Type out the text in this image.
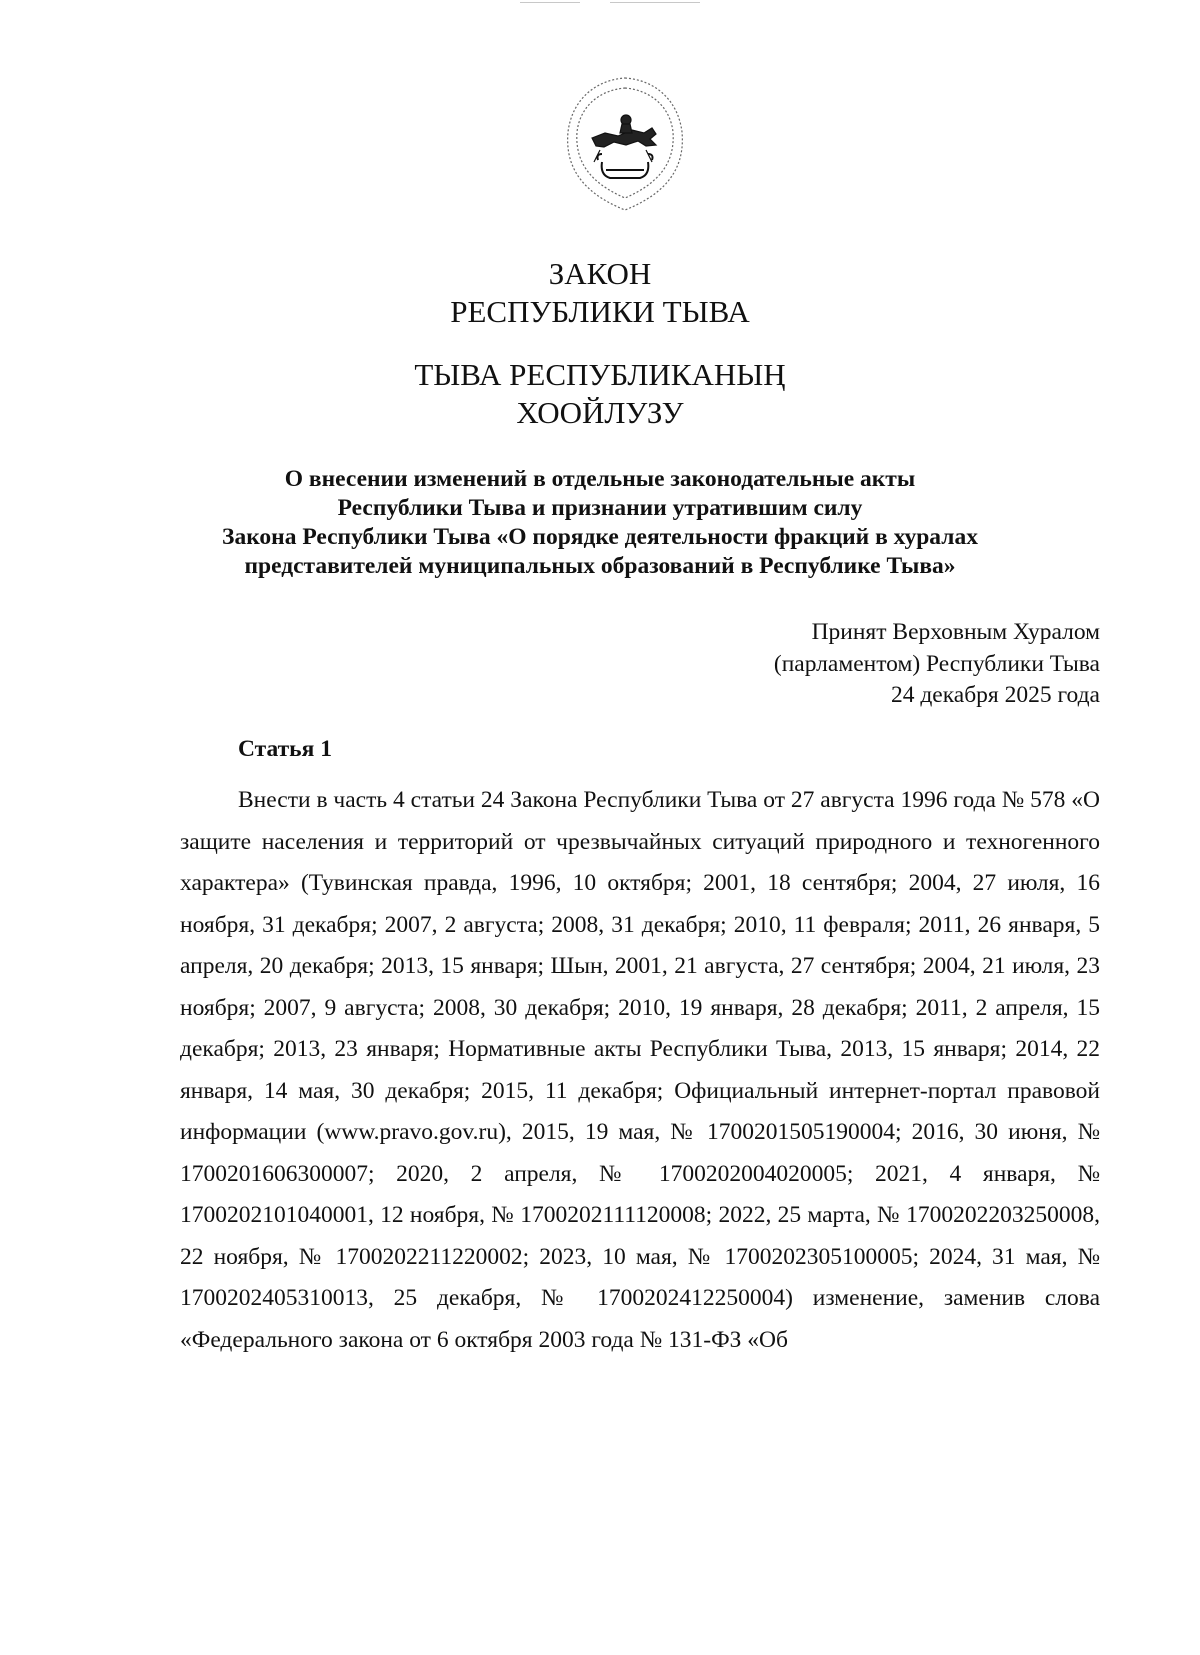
ЗАКОН
РЕСПУБЛИКИ ТЫВА
ТЫВА РЕСПУБЛИКАНЫҢ
ХООЙЛУЗУ
О внесении изменений в отдельные законодательные акты
Республики Тыва и признании утратившим силу
Закона Республики Тыва «О порядке деятельности фракций в хуралах
представителей муниципальных образований в Республике Тыва»
Принят Верховным Хуралом
(парламентом) Республики Тыва
24 декабря 2025 года
Статья 1

Внести в часть 4 статьи 24 Закона Республики Тыва от 27 августа 1996 года № 578 «О защите населения и территорий от чрезвычайных ситуаций природного и техногенного характера» (Тувинская правда, 1996, 10 октября; 2001, 18 сентября; 2004, 27 июля, 16 ноября, 31 декабря; 2007, 2 августа; 2008, 31 декабря; 2010, 11 февраля; 2011, 26 января, 5 апреля, 20 декабря; 2013, 15 января; Шын, 2001, 21 августа, 27 сентября; 2004, 21 июля, 23 ноября; 2007, 9 августа; 2008, 30 декабря; 2010, 19 января, 28 декабря; 2011, 2 апреля, 15 декабря; 2013, 23 января; Нормативные акты Республики Тыва, 2013, 15 января; 2014, 22 января, 14 мая, 30 декабря; 2015, 11 декабря; Официальный интернет-портал правовой информации (www.pravo.gov.ru), 2015, 19 мая, № 1700201505190004; 2016, 30 июня, № 1700201606300007; 2020, 2 апреля, № 1700202004020005; 2021, 4 января, № 1700202101040001, 12 ноября, № 1700202111120008; 2022, 25 марта, № 1700202203250008, 22 ноября, № 1700202211220002; 2023, 10 мая, № 1700202305100005; 2024, 31 мая, № 1700202405310013, 25 декабря, № 1700202412250004) изменение, заменив слова «Федерального закона от 6 октября 2003 года № 131-ФЗ «Об
